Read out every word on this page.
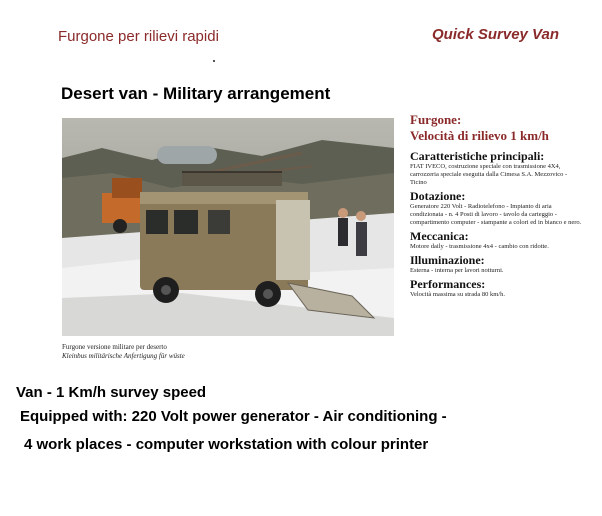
Furgone per rilievi rapidi	Quick Survey Van
Desert van - Military arrangement
Furgone versione militare per deserto
Kleinbus militärische Anfertigung für wüste
Furgone:
Velocità di rilievo 1 km/h
Caratteristiche principali:
FIAT IVECO, costruzione speciale con trasmissione 4X4, carrozzeria speciale eseguita dalla Cimesa S.A. Mezzovico - Ticino
Dotazione:
Generatore 220 Volt - Radiotelefono - Impianto di aria condizionata - n. 4 Posti di lavoro - tavolo da carteggio - compartimento computer - stampante a colori ed in bianco e nero.
Meccanica:
Motore daily - trasmissione 4x4 - cambio con ridotte.
Illuminazione:
Esterna - interna per lavori notturni.
Performances:
Velocità massima su strada 80 km/h.
Van - 1 Km/h survey speed
Equipped with: 220 Volt power generator - Air conditioning -
4 work places - computer workstation with colour printer
